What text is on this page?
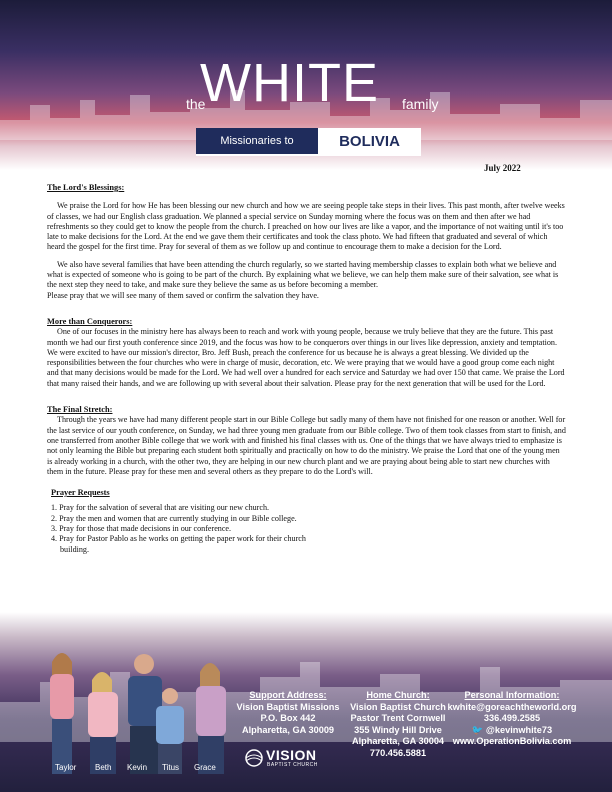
the
WHITE family
Missionaries to	BOLIVIA
July 2022
The Lord's Blessings:

We praise the Lord for how He has been blessing our new church and how we are seeing people take steps in their lives. This past month, after twelve weeks of classes, we had our English class graduation. We planned a special service on Sunday morning where the focus was on them and then after we had refreshments so they could get to know the people from the church. I preached on how our lives are like a vapor, and the importance of not waiting until it's too late to make decisions for the Lord. At the end we gave them their certificates and took the class photo. We had fifteen that graduated and several of which heard the gospel for the first time. Pray for several of them as we follow up and continue to encourage them to make a decision for the Lord.

We also have several families that have been attending the church regularly, so we started having membership classes to explain both what we believe and what is expected of someone who is going to be part of the church. By explaining what we believe, we can help them make sure of their salvation, see what is the next step they need to take, and make sure they believe the same as us before becoming a member.

Please pray that we will see many of them saved or confirm the salvation they have.

More than Conquerors:

One of our focuses in the ministry here has always been to reach and work with young people, because we truly believe that they are the future. This past month we had our first youth conference since 2019, and the focus was how to be conquerors over things in our lives like depression, anxiety and temptation. We were excited to have our mission's director, Bro. Jeff Bush, preach the conference for us because he is always a great blessing. We divided up the responsibilities between the four churches who were in charge of music, decoration, etc. We were praying that we would have a good group come each night and that many decisions would be made for the Lord. We had well over a hundred for each service and Saturday we had over 150 that came. We praise the Lord that many raised their hands, and we are following up with several about their salvation. Please pray for the next generation that will be used for the Lord.

The Final Stretch:

Through the years we have had many different people start in our Bible College but sadly many of them have not finished for one reason or another. Well for the last service of our youth conference, on Sunday, we had three young men graduate from our Bible college. Two of them took classes from start to finish, and one transferred from another Bible college that we work with and finished his final classes with us. One of the things that we have always tried to emphasize is not only learning the Bible but preparing each student both spiritually and practically on how to do the ministry. We praise the Lord that one of the young men is already working in a church, with the other two, they are helping in our new church plant and we are praying about being able to start new churches with them in the future. Please pray for these men and several others as they prepare to do the Lord's will.

Prayer Requests
1. Pray for the salvation of several that are visiting our new church.
2. Pray the men and women that are currently studying in our Bible college.
3. Pray for those that made decisions in our conference.
4. Pray for Pastor Pablo as he works on getting the paper work for their church
building.
Taylor Beth Kevin Titus Grace
Support Address:
Vision Baptist Missions
P.O. Box 442
Alpharetta, GA 30009
Home Church:
Vision Baptist Church
Pastor Trent Cornwell
355 Windy Hill Drive
Alpharetta, GA 30004
770.456.5881
Personal Information:
kwhite@goreachtheworld.org
336.499.2585
🐦 @kevinwhite73
www.OperationBolivia.com
VISION
BAPTIST CHURCH
